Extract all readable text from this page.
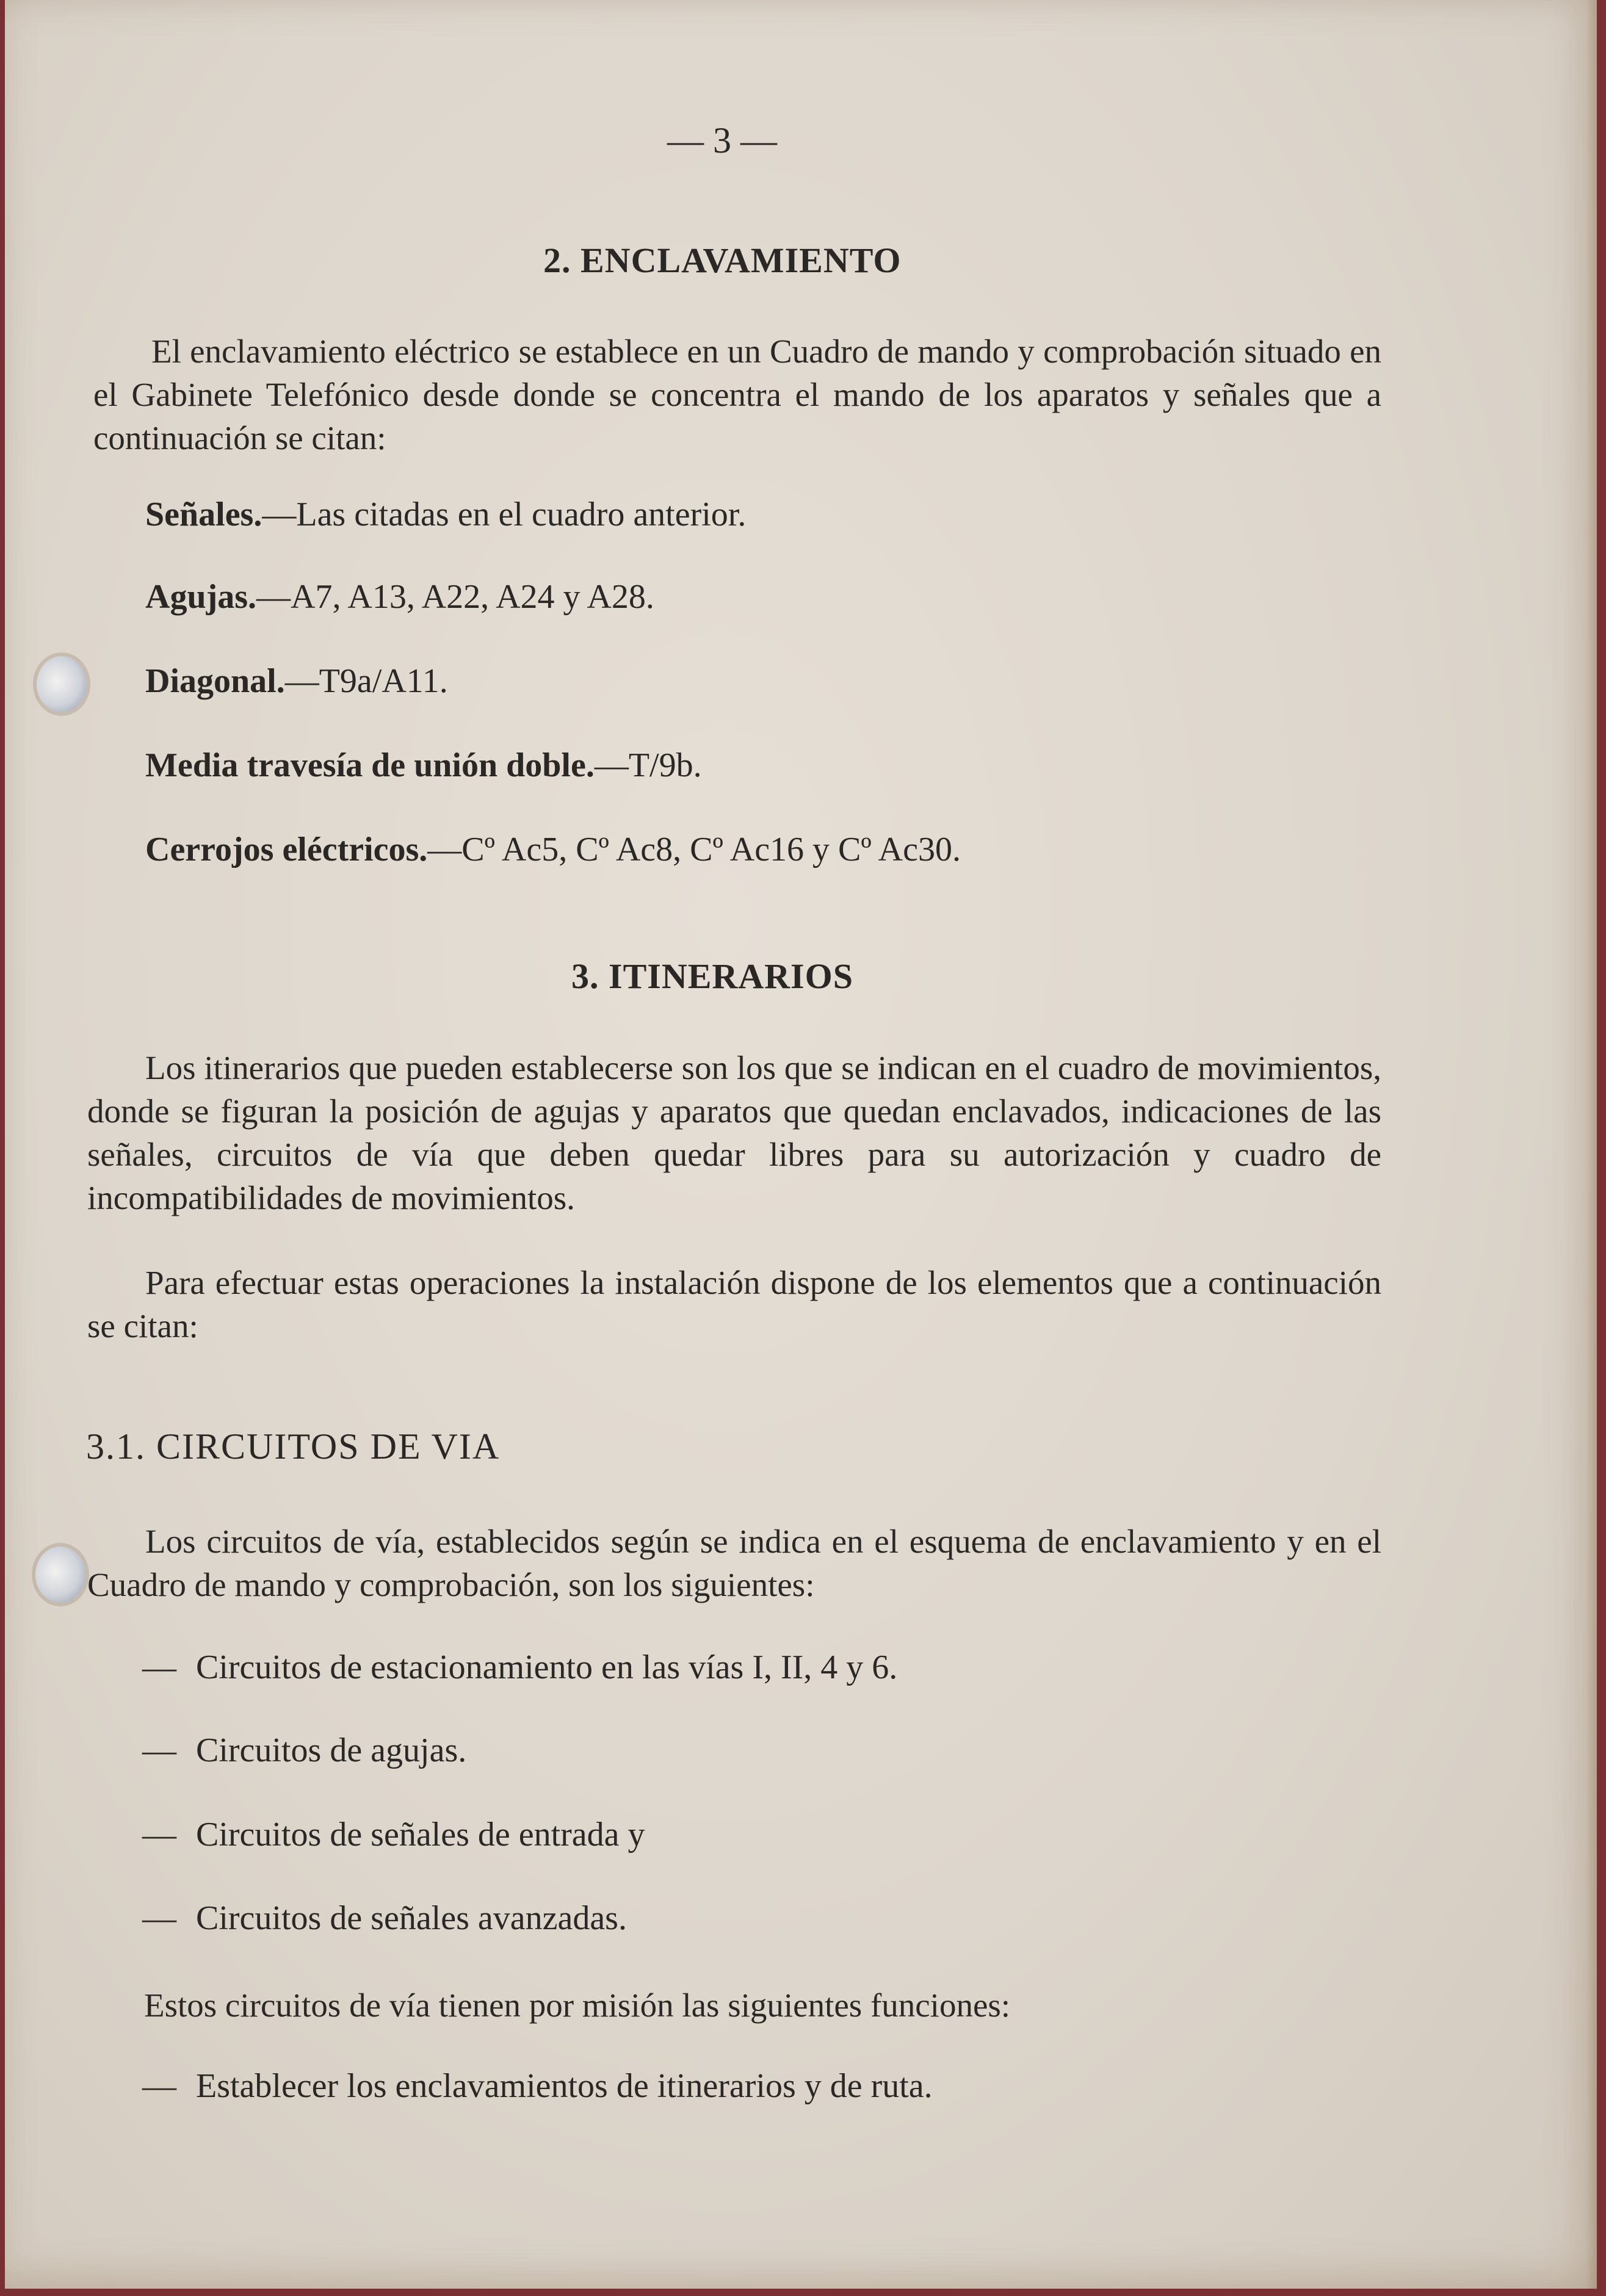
— 3 —
2. ENCLAVAMIENTO
El enclavamiento eléctrico se establece en un Cuadro de mando y comprobación situado en el Gabinete Telefónico desde donde se concentra el mando de los aparatos y señales que a continuación se citan:
Señales.—Las citadas en el cuadro anterior.
Agujas.—A7, A13, A22, A24 y A28.
Diagonal.—T9a/A11.
Media travesía de unión doble.—T/9b.
Cerrojos eléctricos.—Cº Ac5, Cº Ac8, Cº Ac16 y Cº Ac30.
3. ITINERARIOS
Los itinerarios que pueden establecerse son los que se indican en el cuadro de movimientos, donde se figuran la posición de agujas y aparatos que quedan enclavados, indicaciones de las señales, circuitos de vía que deben quedar libres para su autorización y cuadro de incompatibilidades de movimientos.
Para efectuar estas operaciones la instalación dispone de los elementos que a continuación se citan:
3.1. CIRCUITOS DE VIA
Los circuitos de vía, establecidos según se indica en el esquema de enclavamiento y en el Cuadro de mando y comprobación, son los siguientes:
— Circuitos de estacionamiento en las vías I, II, 4 y 6.
— Circuitos de agujas.
— Circuitos de señales de entrada y
— Circuitos de señales avanzadas.
Estos circuitos de vía tienen por misión las siguientes funciones:
— Establecer los enclavamientos de itinerarios y de ruta.
